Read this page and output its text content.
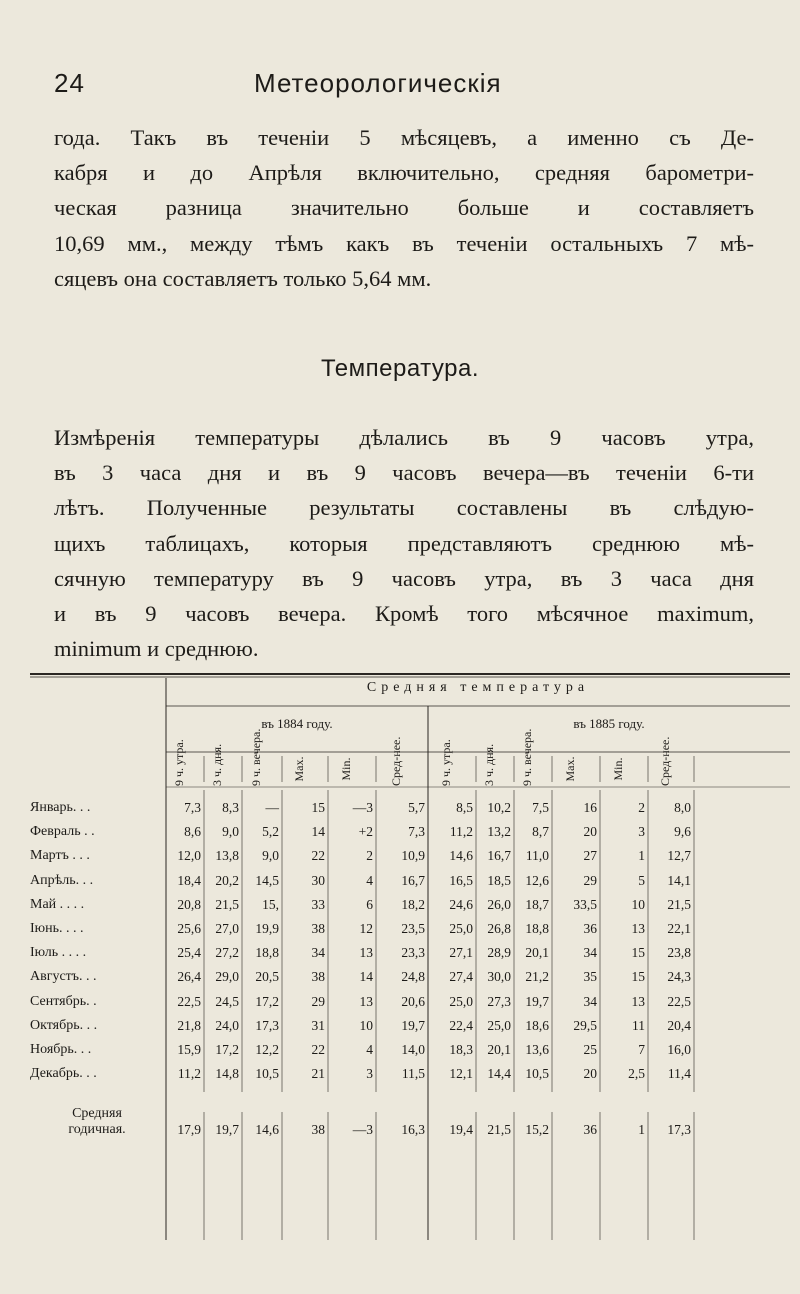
24	Метеорологическія
года. Такъ въ теченіи 5 мѣсяцевъ, а именно съ Де-
кабря и до Апрѣля включительно, средняя барометри-
ческая разница значительно больше и составляетъ
10,69 мм., между тѣмъ какъ въ теченіи остальныхъ 7 мѣ-
сяцевъ она составляетъ только 5,64 мм.
Температура.
Измѣренія температуры дѣлались въ 9 часовъ утра,
въ 3 часа дня и въ 9 часовъ вечера—въ теченіи 6-ти
лѣтъ. Полученные результаты составлены въ слѣдую-
щихъ таблицахъ, которыя представляютъ среднюю мѣ-
сячную температуру въ 9 часовъ утра, въ 3 часа дня
и въ 9 часовъ вечера. Кромѣ того мѣсячное maximum,
minimum и среднюю.
Средняя температура
въ 1884 году.	въ 1885 году.
9 ч. утра.	3 ч. дня.	9 ч. вечера.	Max.	Min.	Сред-нее.	9 ч. утра.	3 ч. дня.	9 ч. вечера.	Max.	Min.	Сред-нее.
Январь. . .	7,3	8,3	—	15	—3	5,7	8,5	10,2	7,5	16	2	8,0
Февраль . .	8,6	9,0	5,2	14	+2	7,3	11,2	13,2	8,7	20	3	9,6
Мартъ . . .	12,0	13,8	9,0	22	2	10,9	14,6	16,7	11,0	27	1	12,7
Апрѣль. . .	18,4	20,2	14,5	30	4	16,7	16,5	18,5	12,6	29	5	14,1
Май . . . .	20,8	21,5	15,	33	6	18,2	24,6	26,0	18,7	33,5	10	21,5
Іюнь. . . .	25,6	27,0	19,9	38	12	23,5	25,0	26,8	18,8	36	13	22,1
Іюль . . . .	25,4	27,2	18,8	34	13	23,3	27,1	28,9	20,1	34	15	23,8
Августъ. . .	26,4	29,0	20,5	38	14	24,8	27,4	30,0	21,2	35	15	24,3
Сентябрь. .	22,5	24,5	17,2	29	13	20,6	25,0	27,3	19,7	34	13	22,5
Октябрь. . .	21,8	24,0	17,3	31	10	19,7	22,4	25,0	18,6	29,5	11	20,4
Ноябрь. . .	15,9	17,2	12,2	22	4	14,0	18,3	20,1	13,6	25	7	16,0
Декабрь. . .	11,2	14,8	10,5	21	3	11,5	12,1	14,4	10,5	20	2,5	11,4
Средняя
годичная.	17,9	19,7	14,6	38	—3	16,3	19,4	21,5	15,2	36	1	17,3
